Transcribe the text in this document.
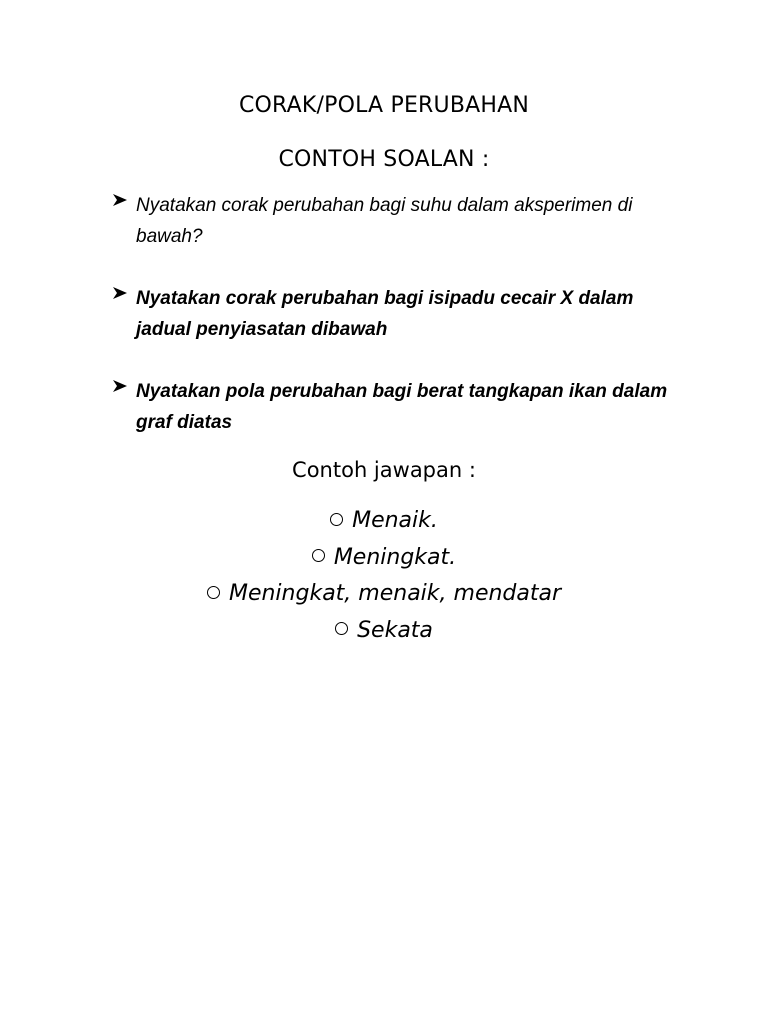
CORAK/POLA PERUBAHAN
CONTOH SOALAN :
Nyatakan corak perubahan bagi suhu dalam aksperimen di bawah?
Nyatakan corak perubahan bagi isipadu cecair X dalam jadual penyiasatan dibawah
Nyatakan pola perubahan bagi berat tangkapan ikan dalam graf diatas
Contoh jawapan :
Menaik.
Meningkat.
Meningkat, menaik, mendatar
Sekata
